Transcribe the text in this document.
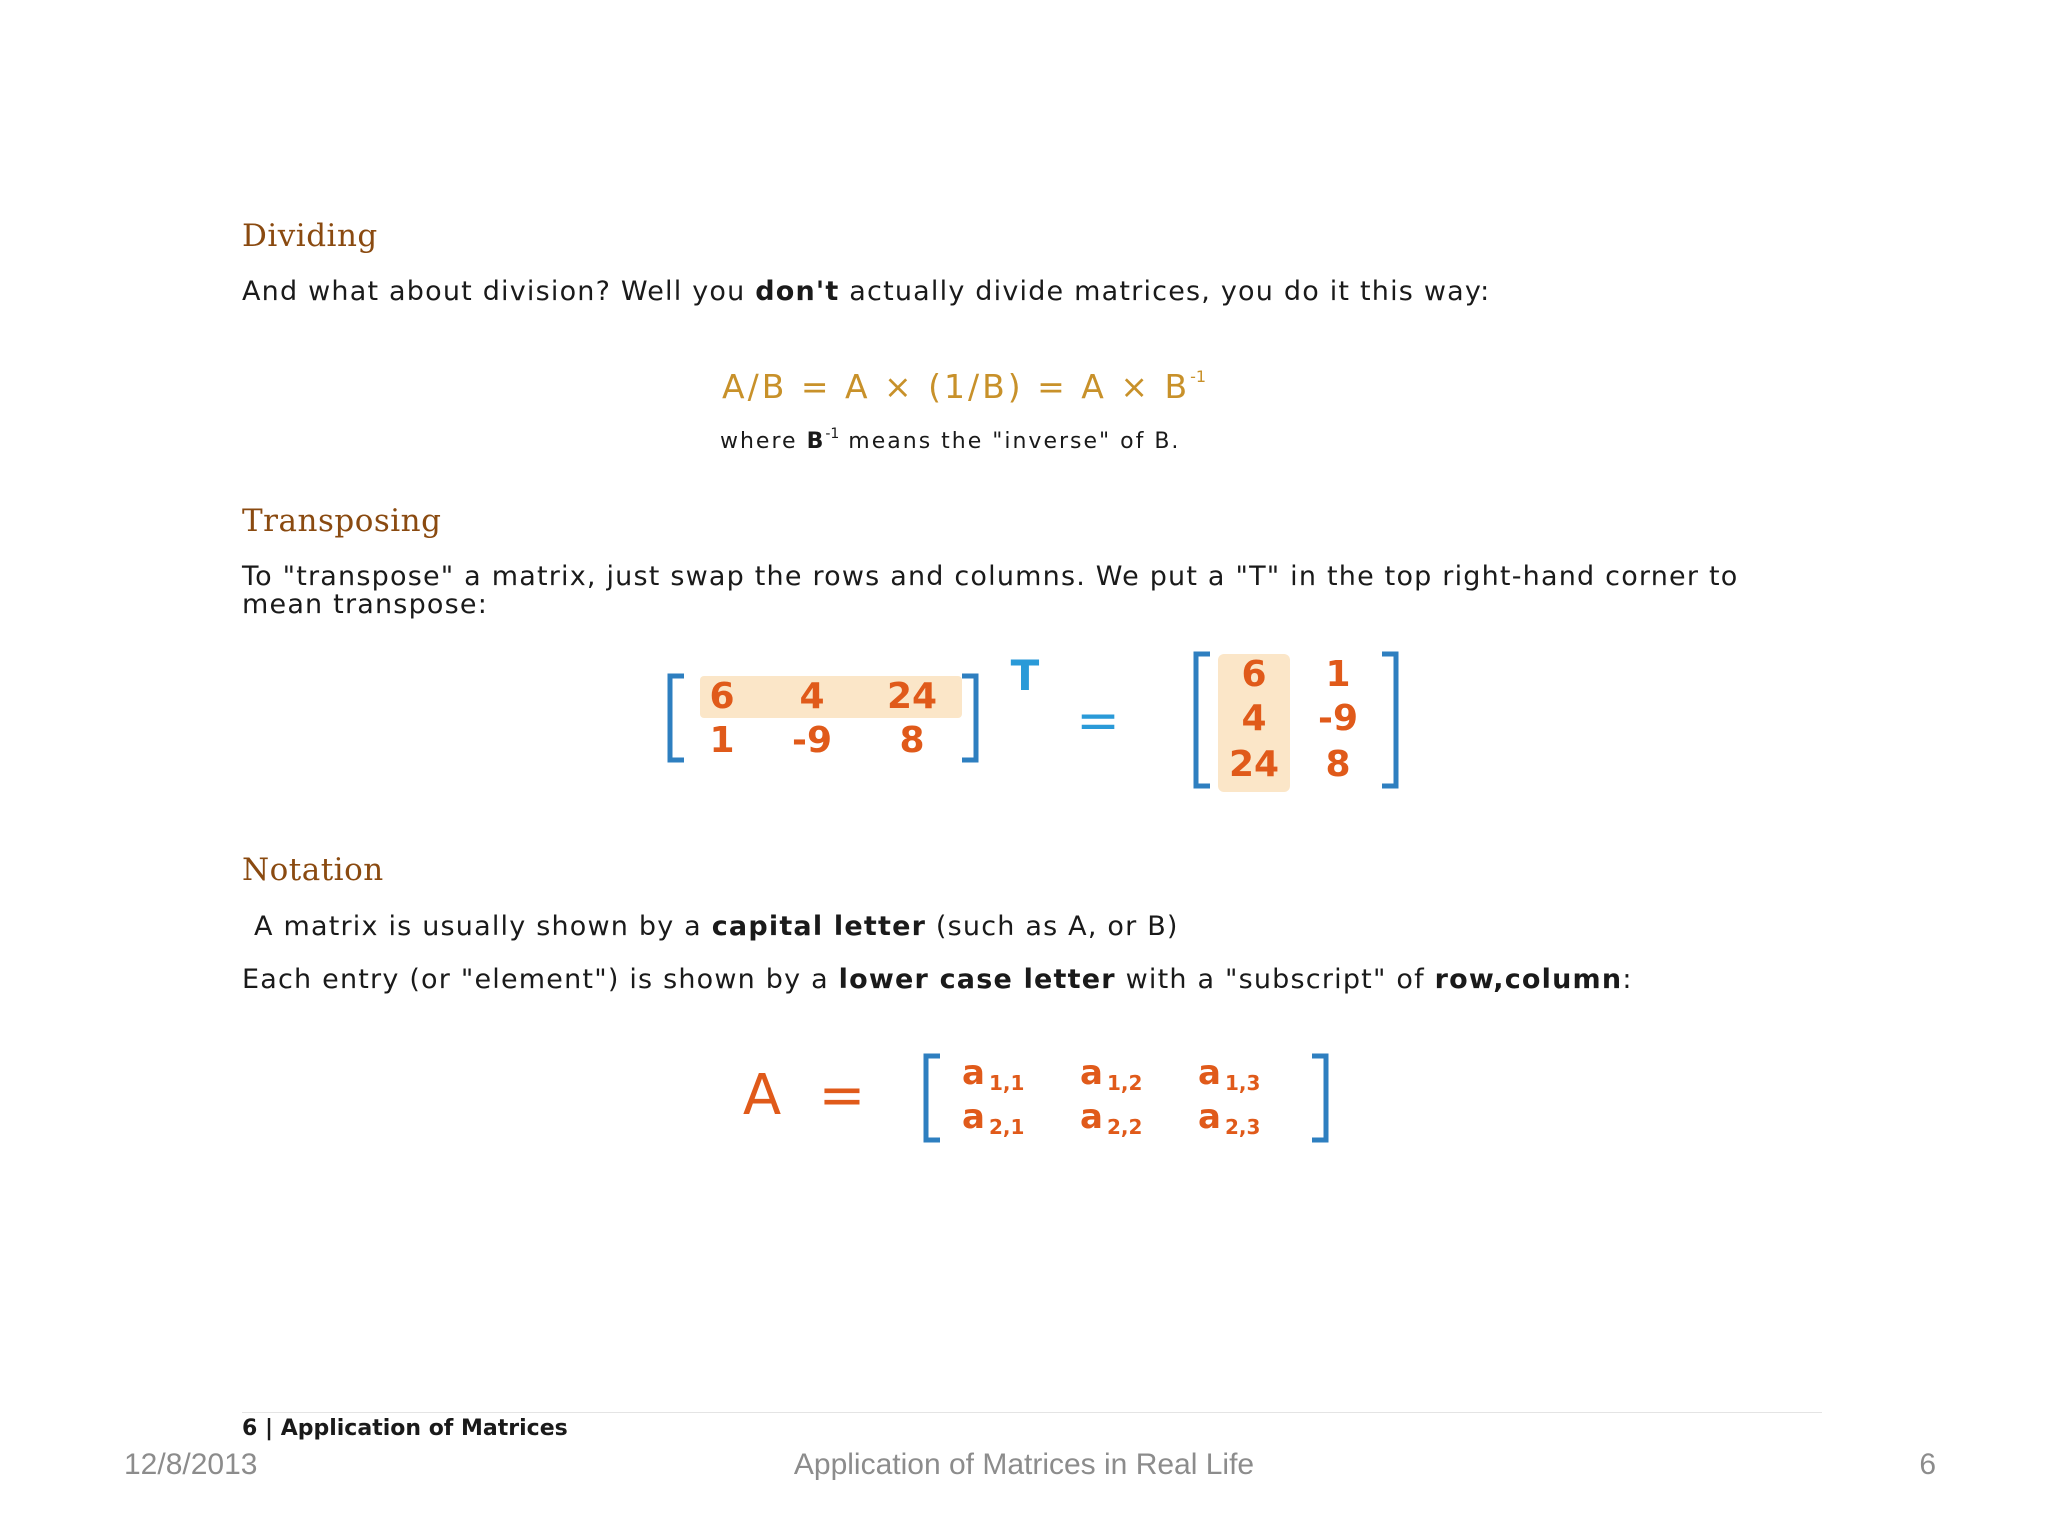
Dividing

And what about division? Well you don't actually divide matrices, you do it this way:

$A/B = A \times (1/B) = A \times B^{-1}$

where $B^{-1}$ means the "inverse" of B.

Transposing

To "transpose" a matrix, just swap the rows and columns. We put a "T" in the top right-hand corner to mean transpose:

Notation

A matrix is usually shown by a capital letter (such as A, or B)

Each entry (or "element") is shown by a lower case letter with a "subscript" of row,column:

6 4 24
1 -9 8
6 1
4 -9
24 8
T
=
A =	a 1,1 a 1,2 a 1,3
a 2,1 a 2,2 a 2,3

6 | Application of Matrices

12/8/2013	Application of Matrices in Real Life	6
